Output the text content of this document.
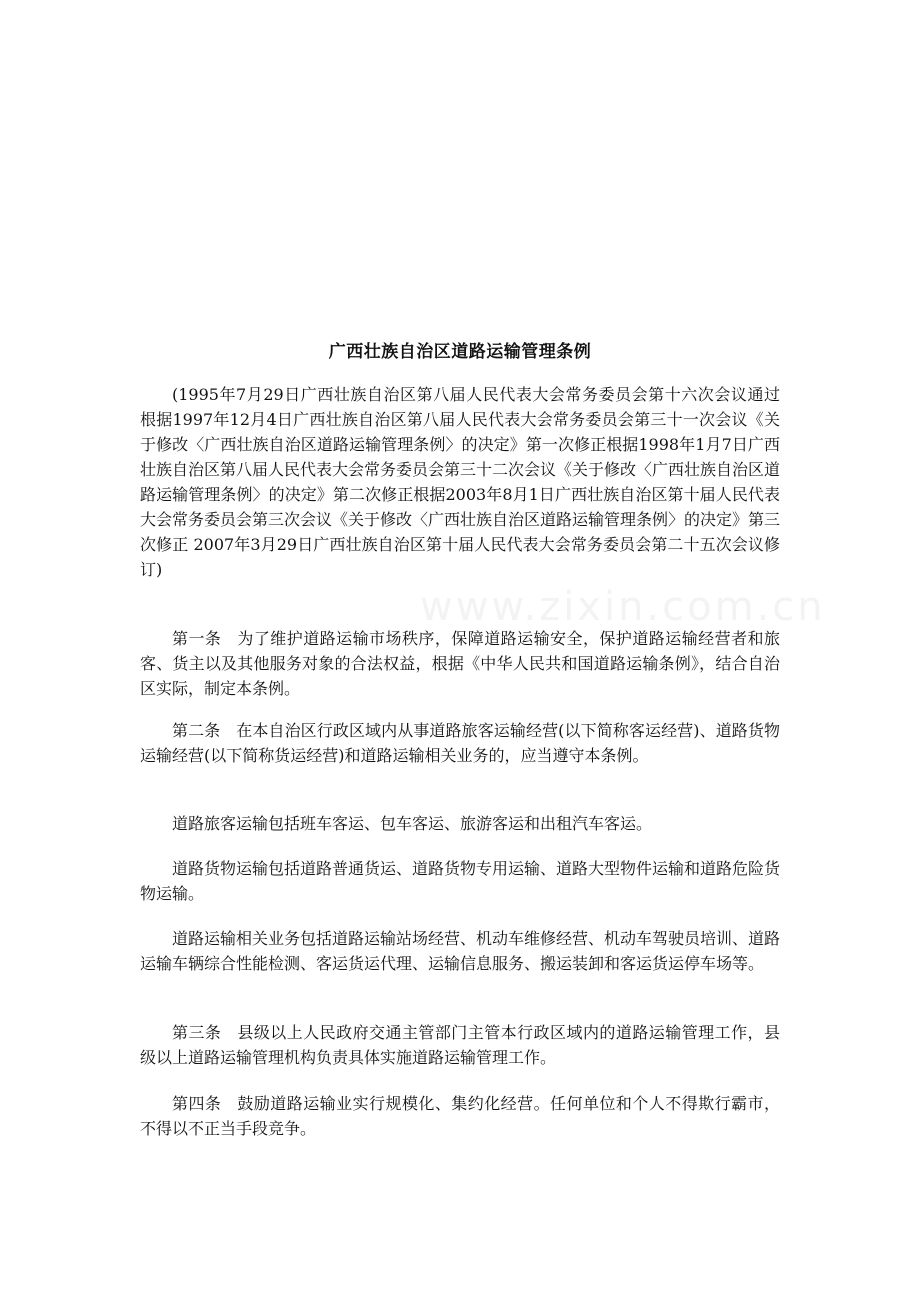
www.zixin.com.cn
广西壮族自治区道路运输管理条例

(1995年7月29日广西壮族自治区第八届人民代表大会常务委员会第十六次会议通过 根据1997年12月4日广西壮族自治区第八届人民代表大会常务委员会第三十一次会议《关于修改〈广西壮族自治区道路运输管理条例〉的决定》第一次修正根据1998年1月7日广西壮族自治区第八届人民代表大会常务委员会第三十二次会议《关于修改〈广西壮族自治区道路运输管理条例〉的决定》第二次修正根据2003年8月1日广西壮族自治区第十届人民代表大会常务委员会第三次会议《关于修改〈广西壮族自治区道路运输管理条例〉的决定》第三次修正 2007年3月29日广西壮族自治区第十届人民代表大会常务委员会第二十五次会议修订)

第一条 为了维护道路运输市场秩序，保障道路运输安全，保护道路运输经营者和旅客、货主以及其他服务对象的合法权益，根据《中华人民共和国道路运输条例》，结合自治区实际，制定本条例。

第二条 在本自治区行政区域内从事道路旅客运输经营(以下简称客运经营)、道路货物运输经营(以下简称货运经营)和道路运输相关业务的，应当遵守本条例。

道路旅客运输包括班车客运、包车客运、旅游客运和出租汽车客运。

道路货物运输包括道路普通货运、道路货物专用运输、道路大型物件运输和道路危险货物运输。

道路运输相关业务包括道路运输站场经营、机动车维修经营、机动车驾驶员培训、道路运输车辆综合性能检测、客运货运代理、运输信息服务、搬运装卸和客运货运停车场等。

第三条 县级以上人民政府交通主管部门主管本行政区域内的道路运输管理工作，县级以上道路运输管理机构负责具体实施道路运输管理工作。

第四条 鼓励道路运输业实行规模化、集约化经营。任何单位和个人不得欺行霸市，不得以不正当手段竞争。
